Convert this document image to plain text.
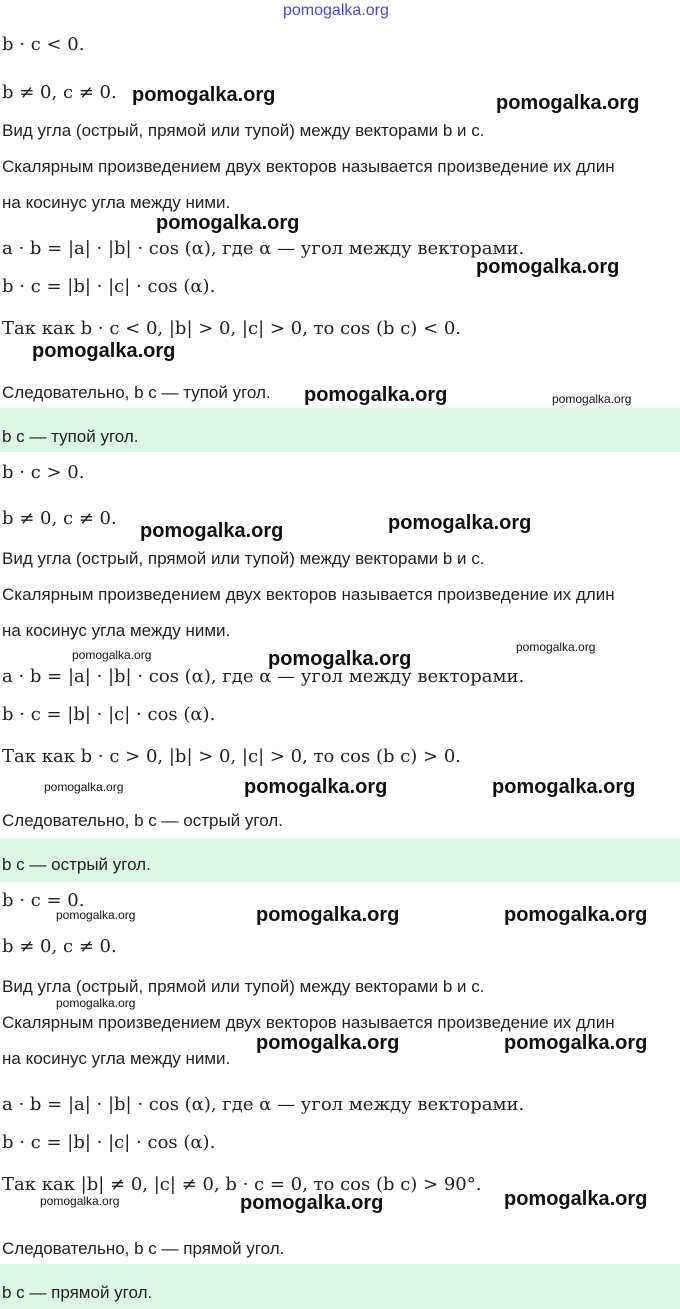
pomogalka.org
b · c < 0.
b ≠ 0, c ≠ 0.
Вид угла (острый, прямой или тупой) между векторами b и c.
Скалярным произведением двух векторов называется произведение их длин
на косинус угла между ними.
a · b = |a| · |b| · cos (α), где α — угол между векторами.
b · c = |b| · |c| · cos (α).
Так как b · c < 0, |b| > 0, |c| > 0, то cos (b c) < 0.
Следовательно, b c — тупой угол.
b c — тупой угол.
b · c > 0.
b ≠ 0, c ≠ 0.
Вид угла (острый, прямой или тупой) между векторами b и c.
Скалярным произведением двух векторов называется произведение их длин
на косинус угла между ними.
a · b = |a| · |b| · cos (α), где α — угол между векторами.
b · c = |b| · |c| · cos (α).
Так как b · c > 0, |b| > 0, |c| > 0, то cos (b c) > 0.
Следовательно, b c — острый угол.
b c — острый угол.
b · c = 0.
b ≠ 0, c ≠ 0.
Вид угла (острый, прямой или тупой) между векторами b и c.
Скалярным произведением двух векторов называется произведение их длин
на косинус угла между ними.
a · b = |a| · |b| · cos (α), где α — угол между векторами.
b · c = |b| · |c| · cos (α).
Так как |b| ≠ 0, |c| ≠ 0, b · c = 0, то cos (b c) > 90°.
Следовательно, b c — прямой угол.
b c — прямой угол.
pomogalka.org	pomogalka.org
pomogalka.org
pomogalka.org
pomogalka.org
pomogalka.org	pomogalka.org
pomogalka.org	pomogalka.org
pomogalka.org	pomogalka.org
pomogalka.org
pomogalka.org	pomogalka.org	pomogalka.org
pomogalka.org	pomogalka.org	pomogalka.org
pomogalka.org
pomogalka.org	pomogalka.org
pomogalka.org	pomogalka.org	pomogalka.org
